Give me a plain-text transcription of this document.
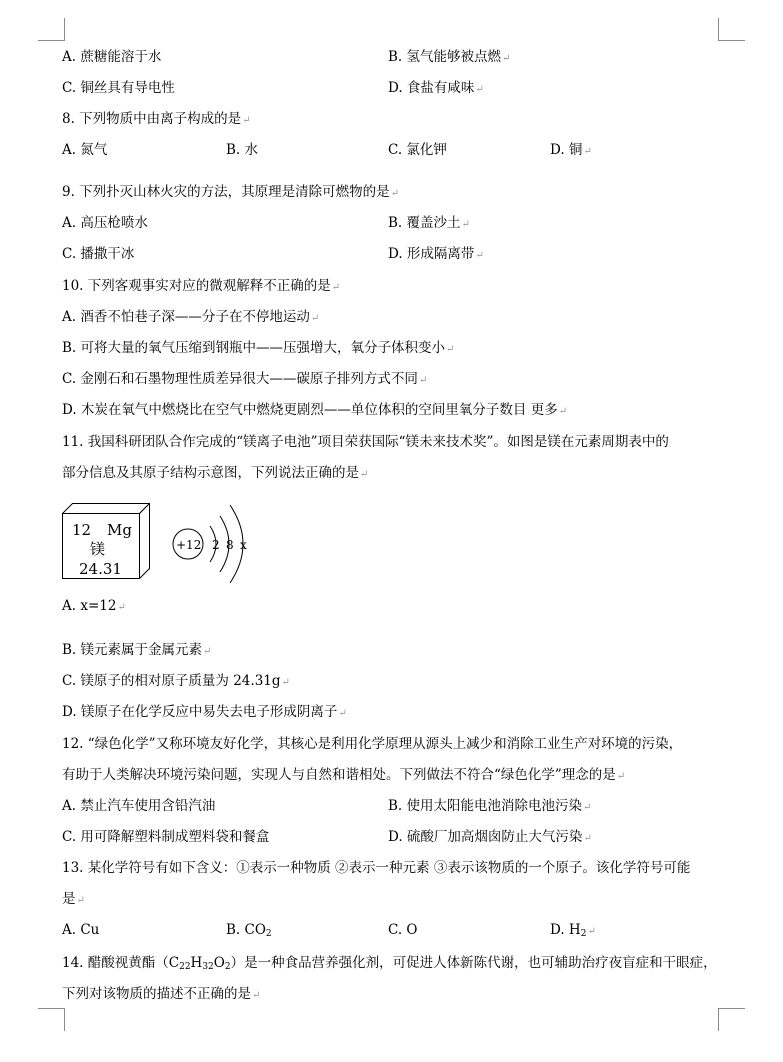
A. 蔗糖能溶于水	B. 氢气能够被点燃↵
C. 铜丝具有导电性	D. 食盐有咸味↵
8. 下列物质中由离子构成的是↵
A. 氮气	B. 水	C. 氯化钾	D. 铜↵
9. 下列扑灭山林火灾的方法，其原理是清除可燃物的是↵
A. 高压枪喷水	B. 覆盖沙土↵
C. 播撒干冰	D. 形成隔离带↵
10. 下列客观事实对应的微观解释不正确的是↵
A. 酒香不怕巷子深——分子在不停地运动↵
B. 可将大量的氧气压缩到钢瓶中——压强增大，氧分子体积变小↵
C. 金刚石和石墨物理性质差异很大——碳原子排列方式不同↵
D. 木炭在氧气中燃烧比在空气中燃烧更剧烈——单位体积的空间里氧分子数目 更多↵
11. 我国科研团队合作完成的“镁离子电池”项目荣获国际“镁未来技术奖”。如图是镁在元素周期表中的
部分信息及其原子结构示意图，下列说法正确的是↵
12 Mg
镁
24.31
+12 2 8 x
A. x=12↵
B. 镁元素属于金属元素↵
C. 镁原子的相对原子质量为 24.31g↵
D. 镁原子在化学反应中易失去电子形成阴离子↵
12. “绿色化学”又称环境友好化学，其核心是利用化学原理从源头上减少和消除工业生产对环境的污染，
有助于人类解决环境污染问题，实现人与自然和谐相处。下列做法不符合“绿色化学”理念的是↵
A. 禁止汽车使用含铅汽油	B. 使用太阳能电池消除电池污染↵
C. 用可降解塑料制成塑料袋和餐盒	D. 硫酸厂加高烟囱防止大气污染↵
13. 某化学符号有如下含义：①表示一种物质 ②表示一种元素 ③表示该物质的一个原子。该化学符号可能
是↵
A. Cu	B. $CO_2$	C. O	D. $H_2↵$
14. 醋酸视黄酯$(C_{22}H_{32}O_2)$是一种食品营养强化剂，可促进人体新陈代谢，也可辅助治疗夜盲症和干眼症，
下列对该物质的描述不正确的是↵
